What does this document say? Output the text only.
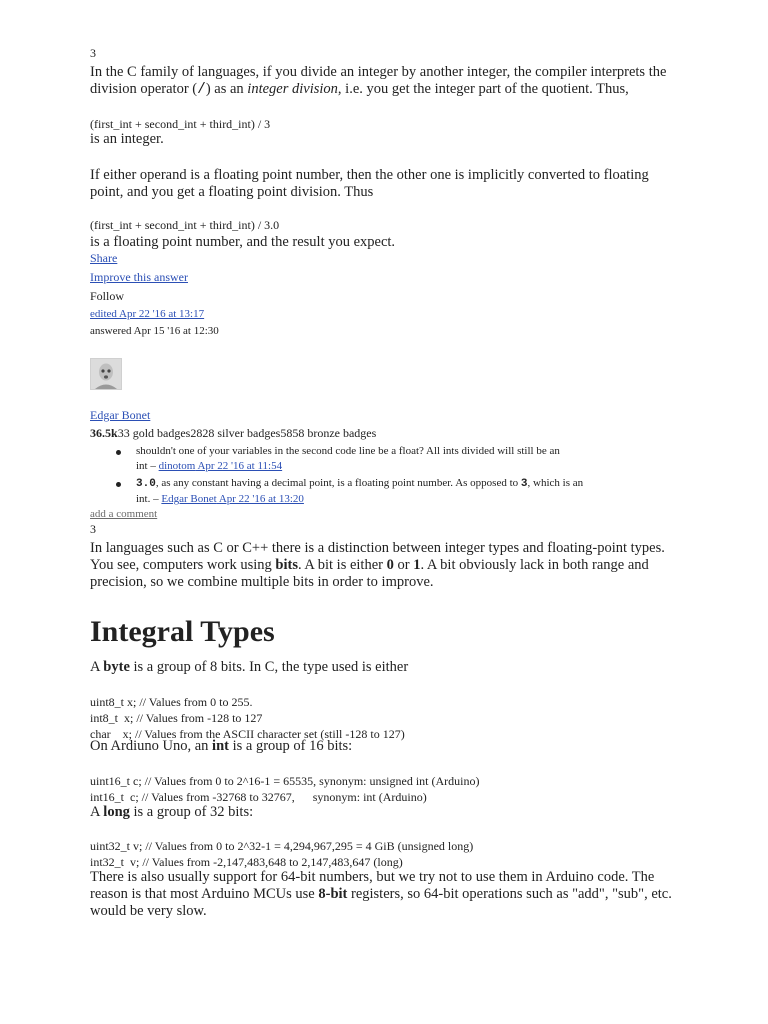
3
In the C family of languages, if you divide an integer by another integer, the compiler interprets the
division operator (/) as an integer division, i.e. you get the integer part of the quotient. Thus,
(first_int + second_int + third_int) / 3
is an integer.
If either operand is a floating point number, then the other one is implicitly converted to floating
point, and you get a floating point division. Thus
(first_int + second_int + third_int) / 3.0
is a floating point number, and the result you expect.
Share
Improve this answer
Follow
edited Apr 22 '16 at 13:17
answered Apr 15 '16 at 12:30
Edgar Bonet
36.5k33 gold badges2828 silver badges5858 bronze badges
shouldn't one of your variables in the second code line be a float? All ints divided will still be an
int – dinotom Apr 22 '16 at 11:54
3.0, as any constant having a decimal point, is a floating point number. As opposed to 3, which is an
int. – Edgar Bonet Apr 22 '16 at 13:20
add a comment
3
In languages such as C or C++ there is a distinction between integer types and floating-point types.
You see, computers work using bits. A bit is either 0 or 1. A bit obviously lack in both range and
precision, so we combine multiple bits in order to improve.
Integral Types
A byte is a group of 8 bits. In C, the type used is either
uint8_t x; // Values from 0 to 255.
int8_t  x; // Values from -128 to 127
char    x; // Values from the ASCII character set (still -128 to 127)
On Ardiuno Uno, an int is a group of 16 bits:
uint16_t c; // Values from 0 to 2^16-1 = 65535, synonym: unsigned int (Arduino)
int16_t  c; // Values from -32768 to 32767,      synonym: int (Arduino)
A long is a group of 32 bits:
uint32_t v; // Values from 0 to 2^32-1 = 4,294,967,295 = 4 GiB (unsigned long)
int32_t  v; // Values from -2,147,483,648 to 2,147,483,647 (long)
There is also usually support for 64-bit numbers, but we try not to use them in Arduino code. The
reason is that most Arduino MCUs use 8-bit registers, so 64-bit operations such as "add", "sub", etc.
would be very slow.
